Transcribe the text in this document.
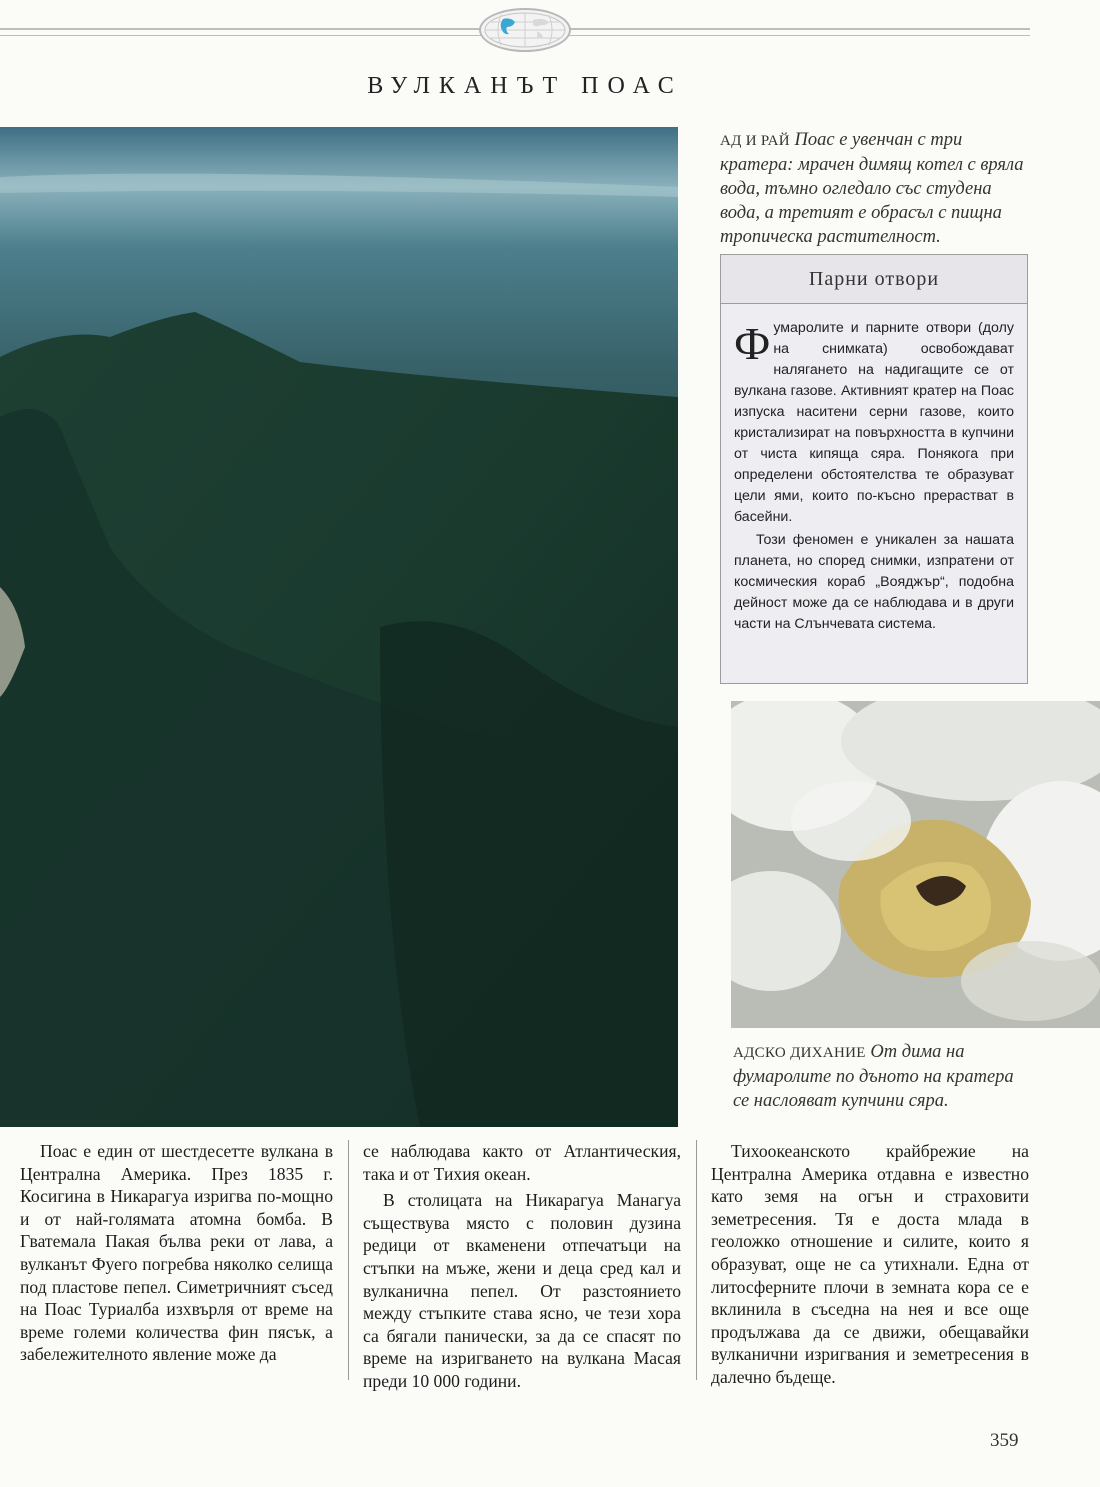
ВУЛКАНЪТ ПОАС
АД И РАЙ Поас е увенчан с три кратера: мрачен димящ котел с вряла вода, тъмно огледало със студена вода, а третият е обрасъл с пищна тропическа растителност.
Парни отвори

Фумаролите и парните отвори (долу на снимката) освобождават налягането на надигащите се от вулкана газове. Активният кратер на Поас изпуска наситени серни газове, които кристализират на повърхността в купчини от чиста кипяща сяра. Понякога при определени обстоятелства те образуват цели ями, които по-късно прерастват в басейни.

Този феномен е уникален за нашата планета, но според снимки, изпратени от космическия кораб „Вояджър“, подобна дейност може да се наблюдава и в други части на Слънчевата система.

АДСКО ДИХАНИЕ От дима на фумаролите по дъното на кратера се наслояват купчини сяра.

Поас е един от шестдесетте вулкана в Централна Америка. През 1835 г. Косигина в Никарагуа изригва по-мощно и от най-голямата атомна бомба. В Гватемала Пакая бълва реки от лава, а вулканът Фуего погребва няколко селища под пластове пепел. Симетричният съсед на Поас Туриалба изхвърля от време на време големи количества фин пясък, а забележителното явление може да

се наблюдава както от Атлантическия, така и от Тихия океан.

В столицата на Никарагуа Манагуа съществува място с половин дузина редици от вкаменени отпечатъци на стъпки на мъже, жени и деца сред кал и вулканична пепел. От разстоянието между стъпките става ясно, че тези хора са бягали панически, за да се спасят по време на изригването на вулкана Масая преди 10 000 години.

Тихоокеанското крайбрежие на Централна Америка отдавна е известно като земя на огън и страховити земетресения. Тя е доста млада в геоложко отношение и силите, които я образуват, още не са утихнали. Една от литосферните плочи в земната кора се е вклинила в съседна на нея и все още продължава да се движи, обещавайки вулканични изригвания и земетресения в далечно бъдеще.

359
